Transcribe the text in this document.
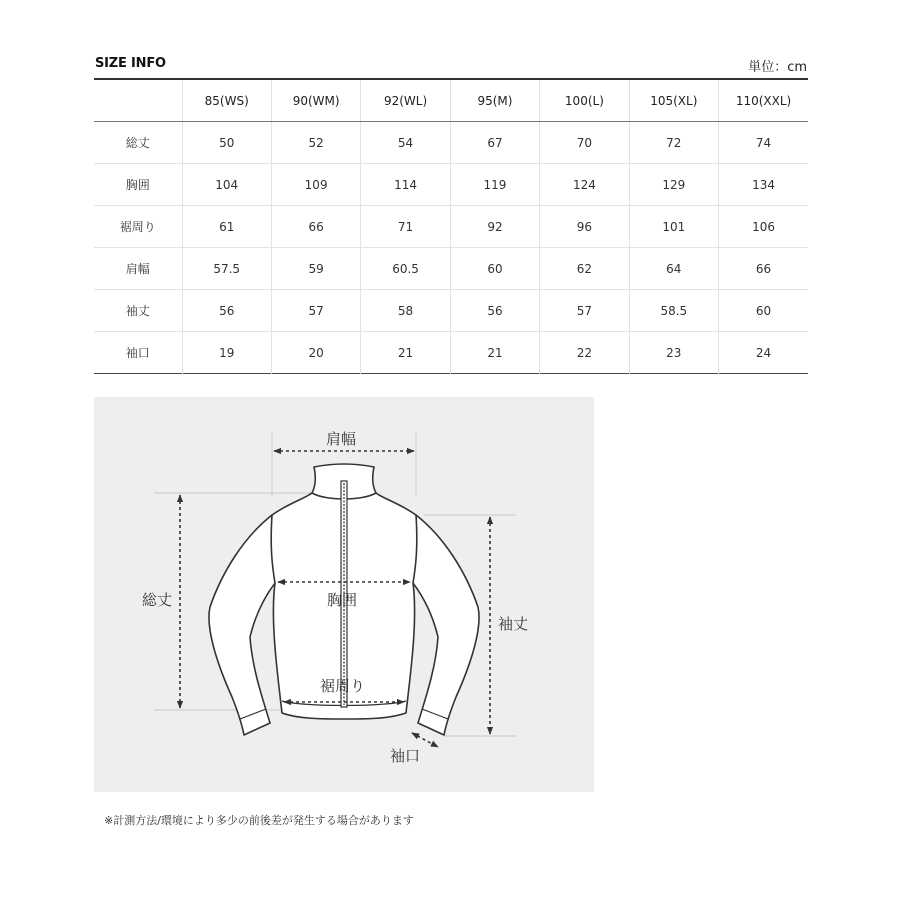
SIZE INFO	単位：cm
	85(WS)	90(WM)	92(WL)	95(M)	100(L)	105(XL)	110(XXL)
総丈	50	52	54	67	70	72	74
胸囲	104	109	114	119	124	129	134
裾周り	61	66	71	92	96	101	106
肩幅	57.5	59	60.5	60	62	64	66
袖丈	56	57	58	56	57	58.5	60
袖口	19	20	21	21	22	23	24
肩幅
総丈	胸囲
袖丈
裾周り
袖口
※計測方法/環境により多少の前後差が発生する場合があります
